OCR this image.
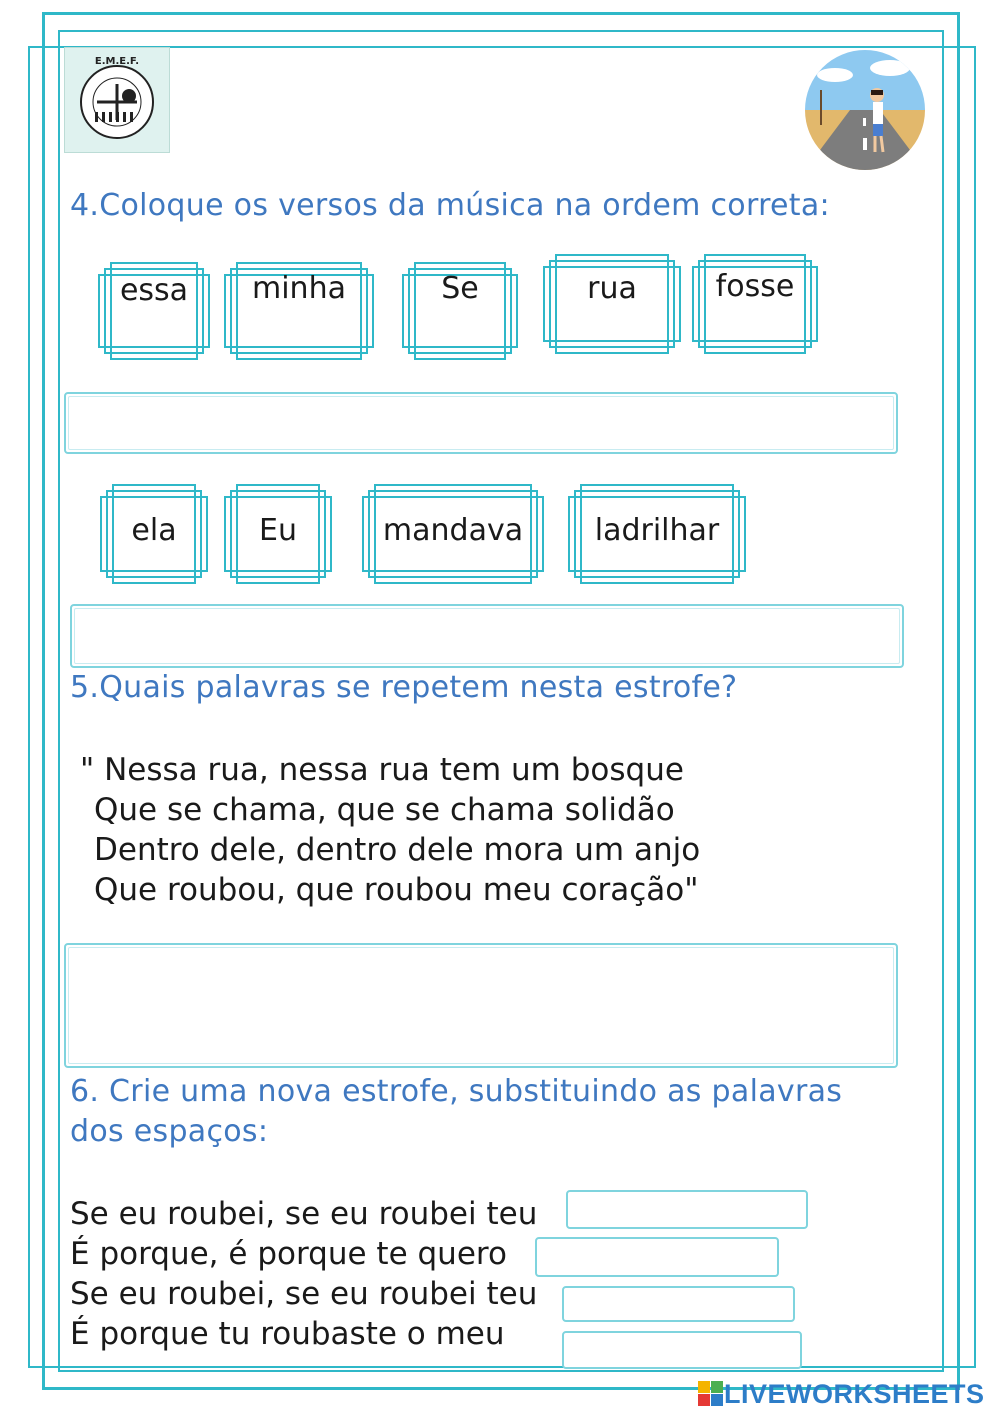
E.M.E.F.
4.Coloque os versos da música na ordem correta:
essa	minha	Se	rua	fosse
ela	Eu	mandava	ladrilhar
5.Quais palavras se repetem nesta estrofe?
" Nessa rua, nessa rua tem um bosque
Que se chama, que se chama solidão
Dentro dele, dentro dele mora um anjo
Que roubou, que roubou meu coração"
6. Crie uma nova estrofe, substituindo as palavras
dos espaços:
Se eu roubei, se eu roubei teu
É porque, é porque te quero
Se eu roubei, se eu roubei teu
É porque tu roubaste o meu
LIVEWORKSHEETS
